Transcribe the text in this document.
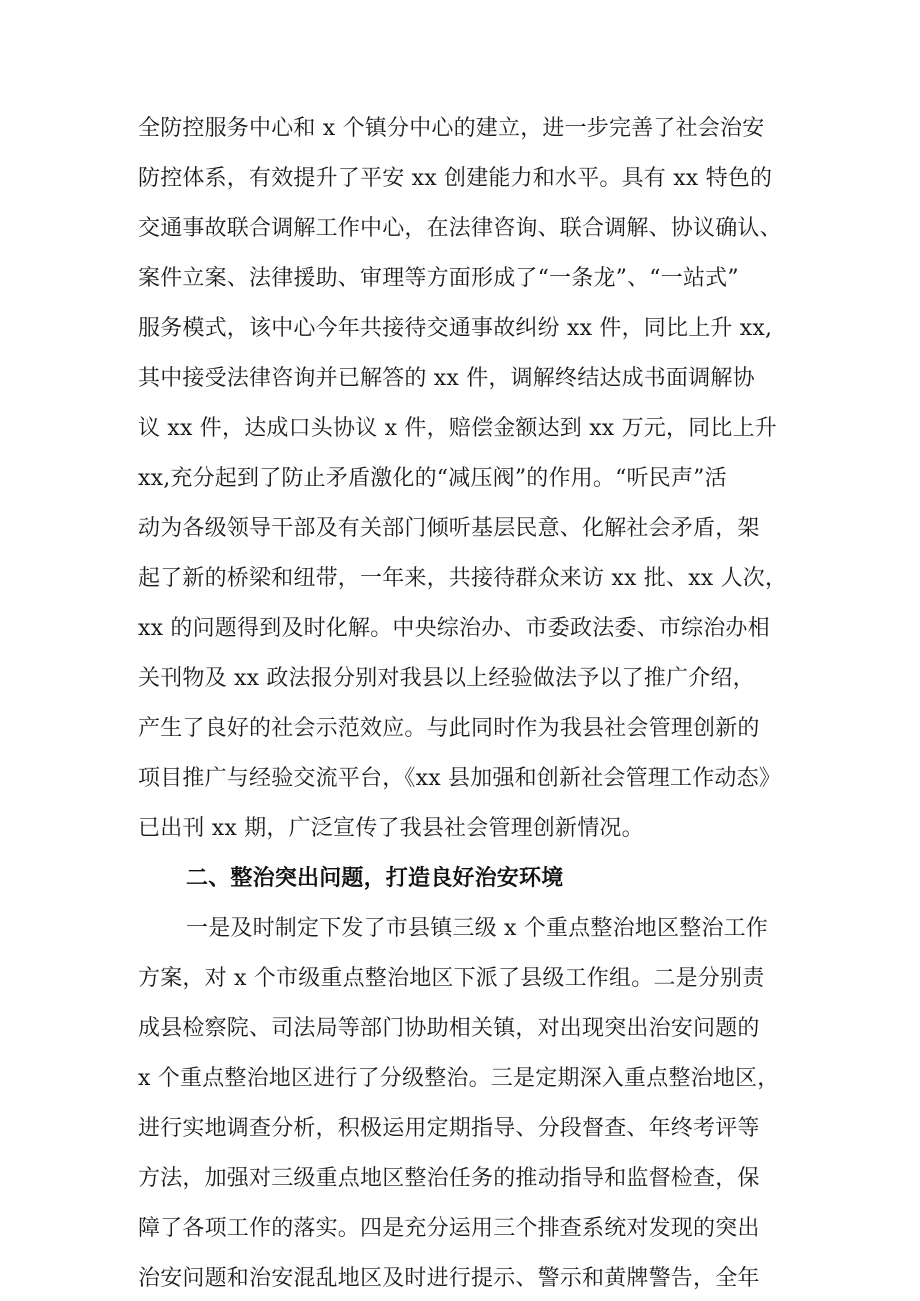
全防控服务中心和 x 个镇分中心的建立，进一步完善了社会治安
防控体系，有效提升了平安 xx 创建能力和水平。具有 xx 特色的
交通事故联合调解工作中心，在法律咨询、联合调解、协议确认、
案件立案、法律援助、审理等方面形成了“一条龙”、“一站式”
服务模式，该中心今年共接待交通事故纠纷 xx 件，同比上升 xx,
其中接受法律咨询并已解答的 xx 件，调解终结达成书面调解协
议 xx 件，达成口头协议 x 件，赔偿金额达到 xx 万元，同比上升
xx,充分起到了防止矛盾激化的“减压阀”的作用。“听民声”活
动为各级领导干部及有关部门倾听基层民意、化解社会矛盾，架
起了新的桥梁和纽带，一年来，共接待群众来访 xx 批、xx 人次，
xx 的问题得到及时化解。中央综治办、市委政法委、市综治办相
关刊物及 xx 政法报分别对我县以上经验做法予以了推广介绍，
产生了良好的社会示范效应。与此同时作为我县社会管理创新的
项目推广与经验交流平台，《xx 县加强和创新社会管理工作动态》
已出刊 xx 期，广泛宣传了我县社会管理创新情况。
二、整治突出问题，打造良好治安环境
一是及时制定下发了市县镇三级 x 个重点整治地区整治工作
方案，对 x 个市级重点整治地区下派了县级工作组。二是分别责
成县检察院、司法局等部门协助相关镇，对出现突出治安问题的
x 个重点整治地区进行了分级整治。三是定期深入重点整治地区，
进行实地调查分析，积极运用定期指导、分段督查、年终考评等
方法，加强对三级重点地区整治任务的推动指导和监督检查，保
障了各项工作的落实。四是充分运用三个排查系统对发现的突出
治安问题和治安混乱地区及时进行提示、警示和黄牌警告，全年
